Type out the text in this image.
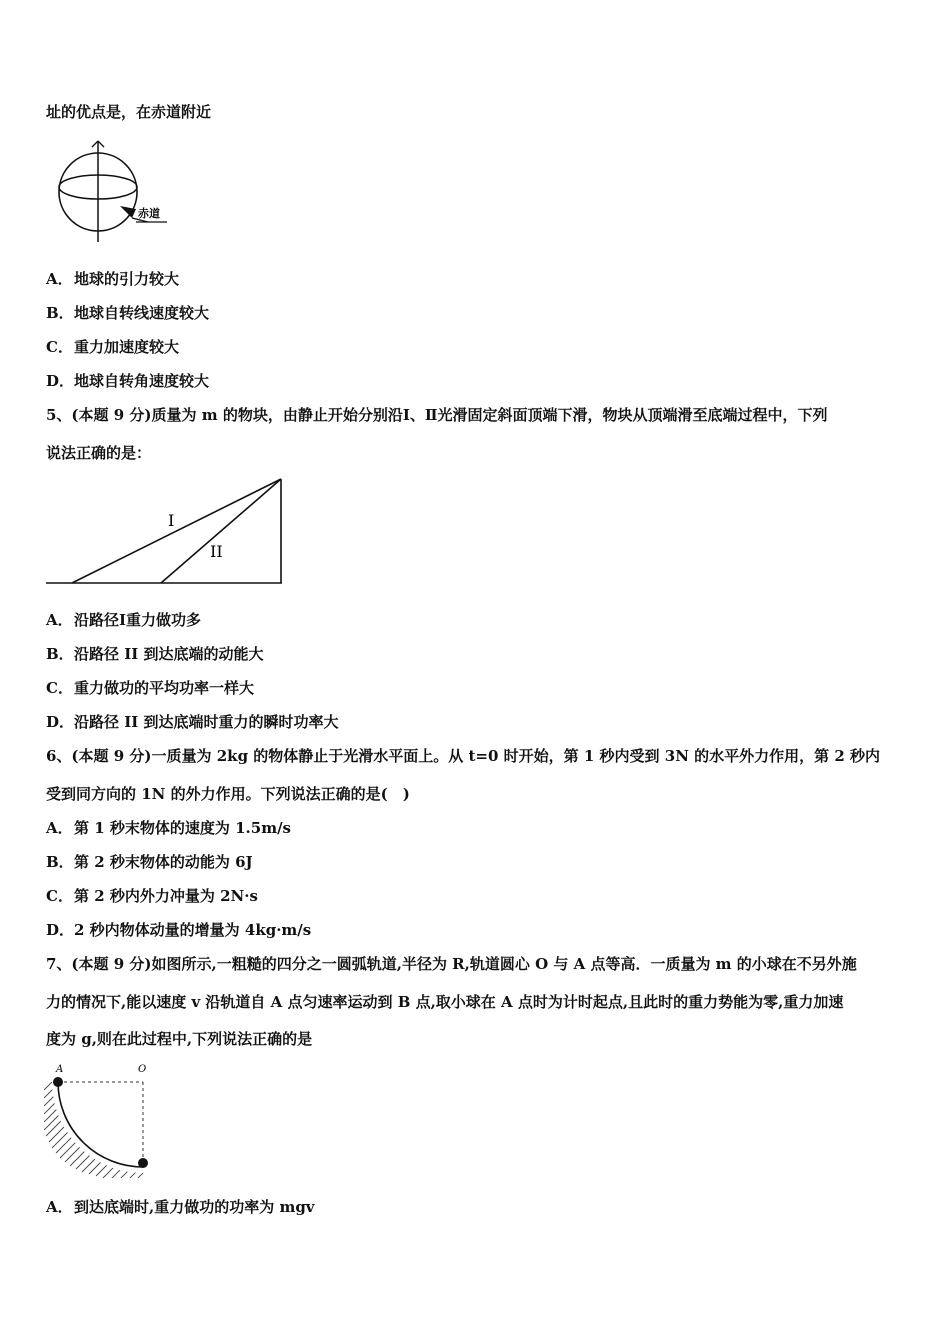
址的优点是，在赤道附近
赤道
A．地球的引力较大
B．地球自转线速度较大
C．重力加速度较大
D．地球自转角速度较大
5、(本题 9 分)质量为 m 的物块，由静止开始分别沿Ⅰ、Ⅱ光滑固定斜面顶端下滑，物块从顶端滑至底端过程中，下列
说法正确的是：
I
II
A．沿路径Ⅰ重力做功多
B．沿路径 II 到达底端的动能大
C．重力做功的平均功率一样大
D．沿路径 II 到达底端时重力的瞬时功率大
6、(本题 9 分)一质量为 2kg 的物体静止于光滑水平面上。从 t=0 时开始，第 1 秒内受到 3N 的水平外力作用，第 2 秒内
受到同方向的 1N 的外力作用。下列说法正确的是(　)
A．第 1 秒末物体的速度为 1.5m/s
B．第 2 秒末物体的动能为 6J
C．第 2 秒内外力冲量为 2N·s
D．2 秒内物体动量的增量为 4kg·m/s
7、(本题 9 分)如图所示,一粗糙的四分之一圆弧轨道,半径为 R,轨道圆心 O 与 A 点等高．一质量为 m 的小球在不另外施
力的情况下,能以速度 v 沿轨道自 A 点匀速率运动到 B 点,取小球在 A 点时为计时起点,且此时的重力势能为零,重力加速
度为 g,则在此过程中,下列说法正确的是
A	O
A．到达底端时,重力做功的功率为 mgv
